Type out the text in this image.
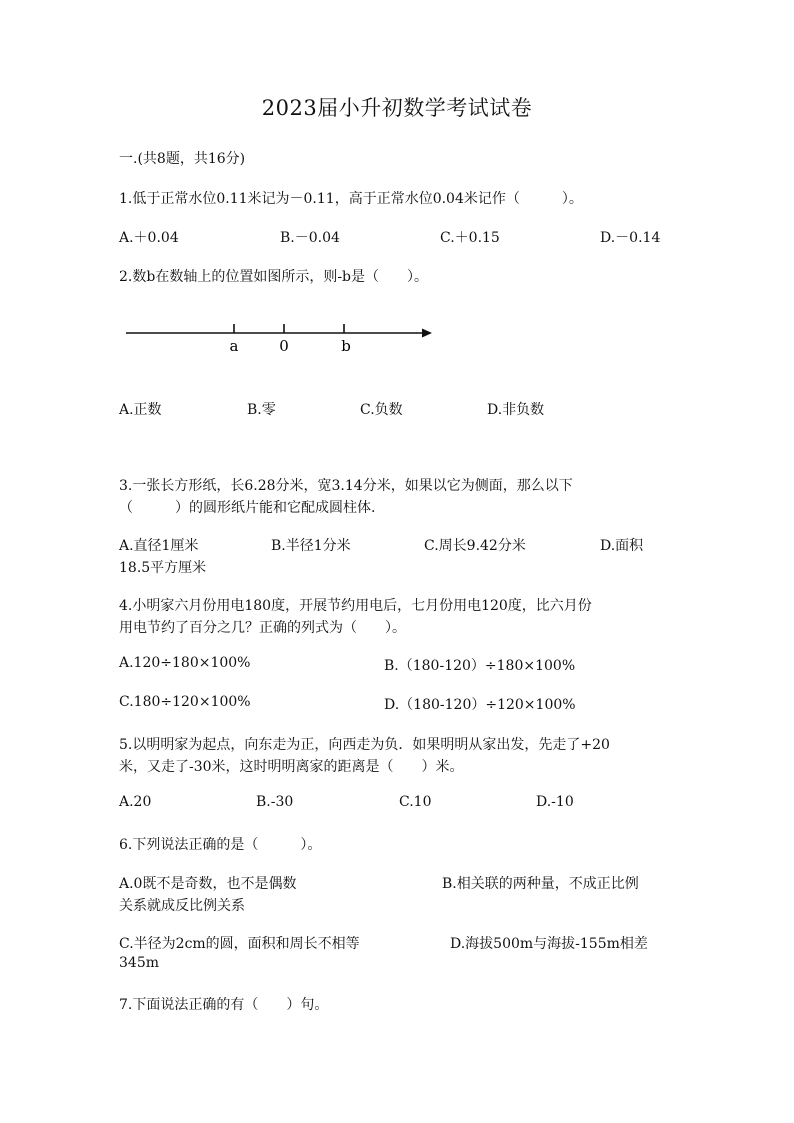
2023届小升初数学考试试卷
一.(共8题，共16分)
1.低于正常水位0.11米记为－0.11，高于正常水位0.04米记作（　　　）。
A.＋0.04	B.－0.04	C.＋0.15	D.－0.14
2.数b在数轴上的位置如图所示，则-b是（　　）。
a	0	b
A.正数	B.零	C.负数	D.非负数
3.一张长方形纸，长6.28分米，宽3.14分米，如果以它为侧面，那么以下
（　　　）的圆形纸片能和它配成圆柱体.
A.直径1厘米	B.半径1分米	C.周长9.42分米	D.面积
18.5平方厘米
4.小明家六月份用电180度，开展节约用电后，七月份用电120度，比六月份
用电节约了百分之几？正确的列式为（　　）。
A.120÷180×100%	B.（180-120）÷180×100%
C.180÷120×100%	D.（180-120）÷120×100%
5.以明明家为起点，向东走为正，向西走为负．如果明明从家出发，先走了+20
米，又走了-30米，这时明明离家的距离是（　　）米。
A.20	B.-30	C.10	D.-10
6.下列说法正确的是（　　　）。
A.0既不是奇数，也不是偶数	B.相关联的两种量，不成正比例
关系就成反比例关系
C.半径为2cm的圆，面积和周长不相等	D.海拔500m与海拔-155m相差
345m
7.下面说法正确的有（　　）句。
